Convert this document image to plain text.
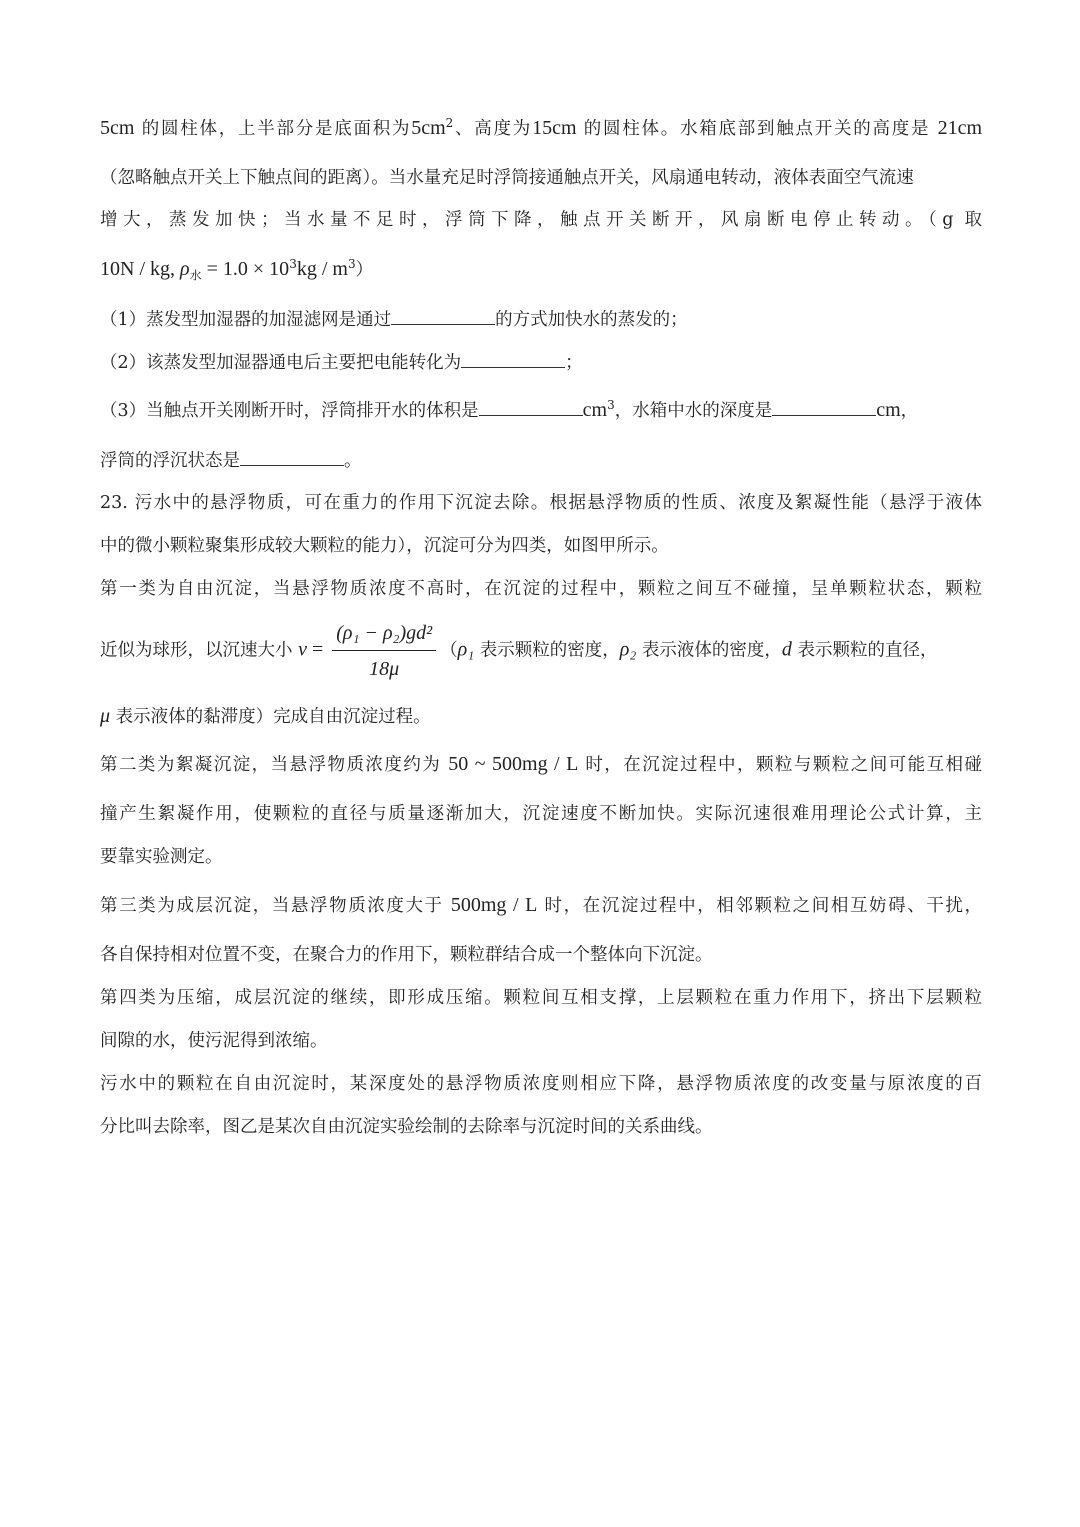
5cm 的圆柱体，上半部分是底面积为$5cm^2$、高度为15cm 的圆柱体。水箱底部到触点开关的高度是 21cm
（忽略触点开关上下触点间的距离）。当水量充足时浮筒接通触点开关，风扇通电转动，液体表面空气流速
增大，蒸发加快；当水量不足时，浮筒下降，触点开关断开，风扇断电停止转动。（g 取
10N / kg, $\rho_水 = 1.0 \times 10^3kg / m^3$）
（1）蒸发型加湿器的加湿滤网是通过	的方式加快水的蒸发的；
（2）该蒸发型加湿器通电后主要把电能转化为	；
（3）当触点开关刚断开时，浮筒排开水的体积是	$cm^3$，水箱中水的深度是	cm，
浮筒的浮沉状态是	。
23. 污水中的悬浮物质，可在重力的作用下沉淀去除。根据悬浮物质的性质、浓度及絮凝性能（悬浮于液体
中的微小颗粒聚集形成较大颗粒的能力），沉淀可分为四类，如图甲所示。
第一类为自由沉淀，当悬浮物质浓度不高时，在沉淀的过程中，颗粒之间互不碰撞，呈单颗粒状态，颗粒
近似为球形，以沉速大小 $v = \frac{\text{(ρ₁ − ρ₂)gd²}}{18\mu} (\rho_1$ 表示颗粒的密度，ρ₂ 表示液体的密度，d 表示颗粒的直径，
μ 表示液体的黏滞度）完成自由沉淀过程。
第二类为絮凝沉淀，当悬浮物质浓度约为 50 ~ 500mg / L 时，在沉淀过程中，颗粒与颗粒之间可能互相碰
撞产生絮凝作用，使颗粒的直径与质量逐渐加大，沉淀速度不断加快。实际沉速很难用理论公式计算，主
要靠实验测定。
第三类为成层沉淀，当悬浮物质浓度大于 500mg / L 时，在沉淀过程中，相邻颗粒之间相互妨碍、干扰，
各自保持相对位置不变，在聚合力的作用下，颗粒群结合成一个整体向下沉淀。
第四类为压缩，成层沉淀的继续，即形成压缩。颗粒间互相支撑，上层颗粒在重力作用下，挤出下层颗粒
间隙的水，使污泥得到浓缩。
污水中的颗粒在自由沉淀时，某深度处的悬浮物质浓度则相应下降，悬浮物质浓度的改变量与原浓度的百
分比叫去除率，图乙是某次自由沉淀实验绘制的去除率与沉淀时间的关系曲线。
